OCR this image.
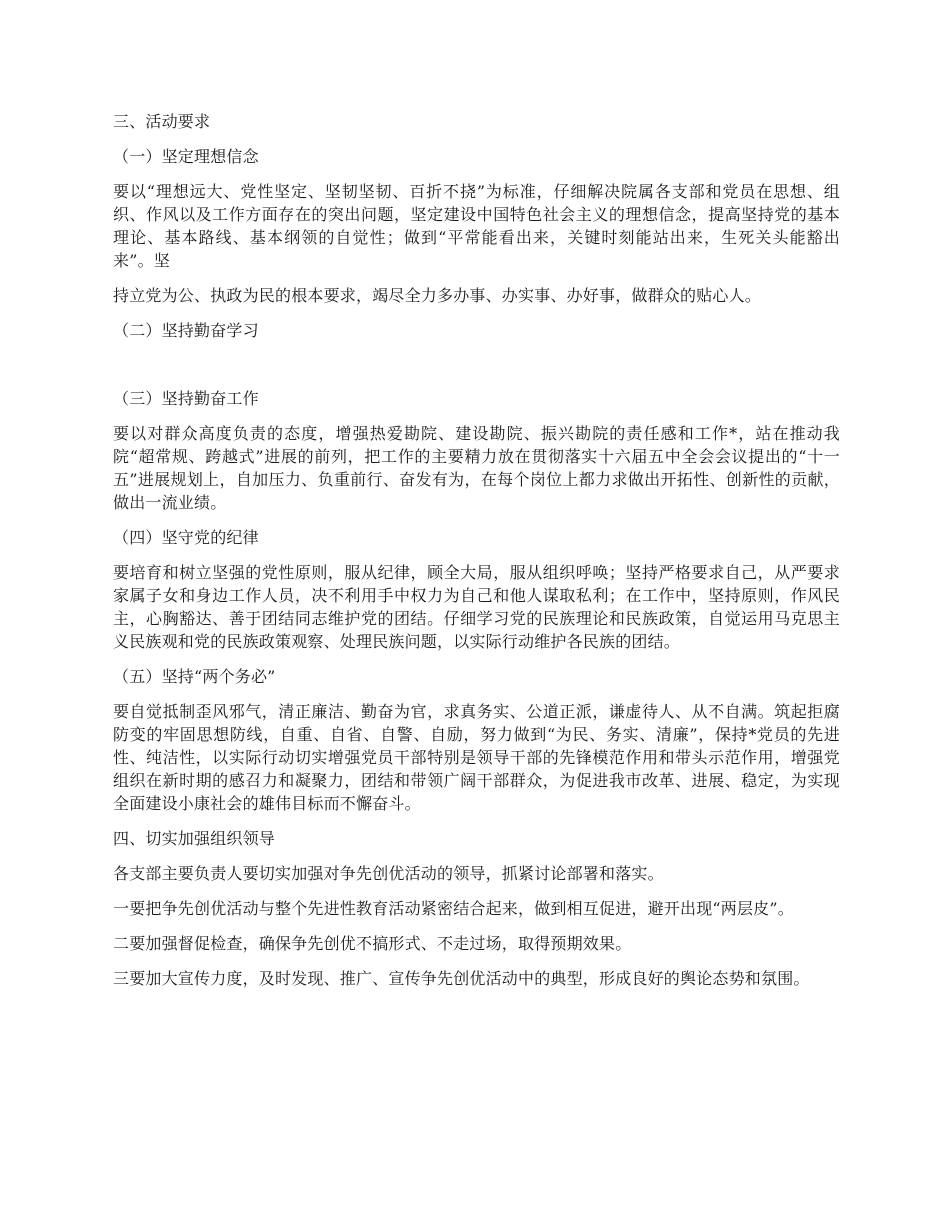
三、活动要求

（一）坚定理想信念

要以“理想远大、党性坚定、坚韧坚韧、百折不挠”为标准，仔细解决院属各支部和党员在思想、组织、作风以及工作方面存在的突出问题，坚定建设中国特色社会主义的理想信念，提高坚持党的基本理论、基本路线、基本纲领的自觉性；做到“平常能看出来，关键时刻能站出来，生死关头能豁出来”。坚

持立党为公、执政为民的根本要求，竭尽全力多办事、办实事、办好事，做群众的贴心人。

（二）坚持勤奋学习

（三）坚持勤奋工作

要以对群众高度负责的态度，增强热爱勘院、建设勘院、振兴勘院的责任感和工作*，站在推动我院“超常规、跨越式”进展的前列，把工作的主要精力放在贯彻落实十六届五中全会会议提出的“十一五”进展规划上，自加压力、负重前行、奋发有为，在每个岗位上都力求做出开拓性、创新性的贡献，做出一流业绩。

（四）坚守党的纪律

要培育和树立坚强的党性原则，服从纪律，顾全大局，服从组织呼唤；坚持严格要求自己，从严要求家属子女和身边工作人员，决不利用手中权力为自己和他人谋取私利；在工作中，坚持原则，作风民主，心胸豁达、善于团结同志维护党的团结。仔细学习党的民族理论和民族政策，自觉运用马克思主义民族观和党的民族政策观察、处理民族问题，以实际行动维护各民族的团结。

（五）坚持“两个务必”

要自觉抵制歪风邪气，清正廉洁、勤奋为官，求真务实、公道正派，谦虚待人、从不自满。筑起拒腐防变的牢固思想防线，自重、自省、自警、自励，努力做到“为民、务实、清廉”，保持*党员的先进性、纯洁性，以实际行动切实增强党员干部特别是领导干部的先锋模范作用和带头示范作用，增强党组织在新时期的感召力和凝聚力，团结和带领广阔干部群众，为促进我市改革、进展、稳定，为实现全面建设小康社会的雄伟目标而不懈奋斗。

四、切实加强组织领导

各支部主要负责人要切实加强对争先创优活动的领导，抓紧讨论部署和落实。

一要把争先创优活动与整个先进性教育活动紧密结合起来，做到相互促进，避开出现“两层皮”。

二要加强督促检查，确保争先创优不搞形式、不走过场，取得预期效果。

三要加大宣传力度，及时发现、推广、宣传争先创优活动中的典型，形成良好的舆论态势和氛围。
